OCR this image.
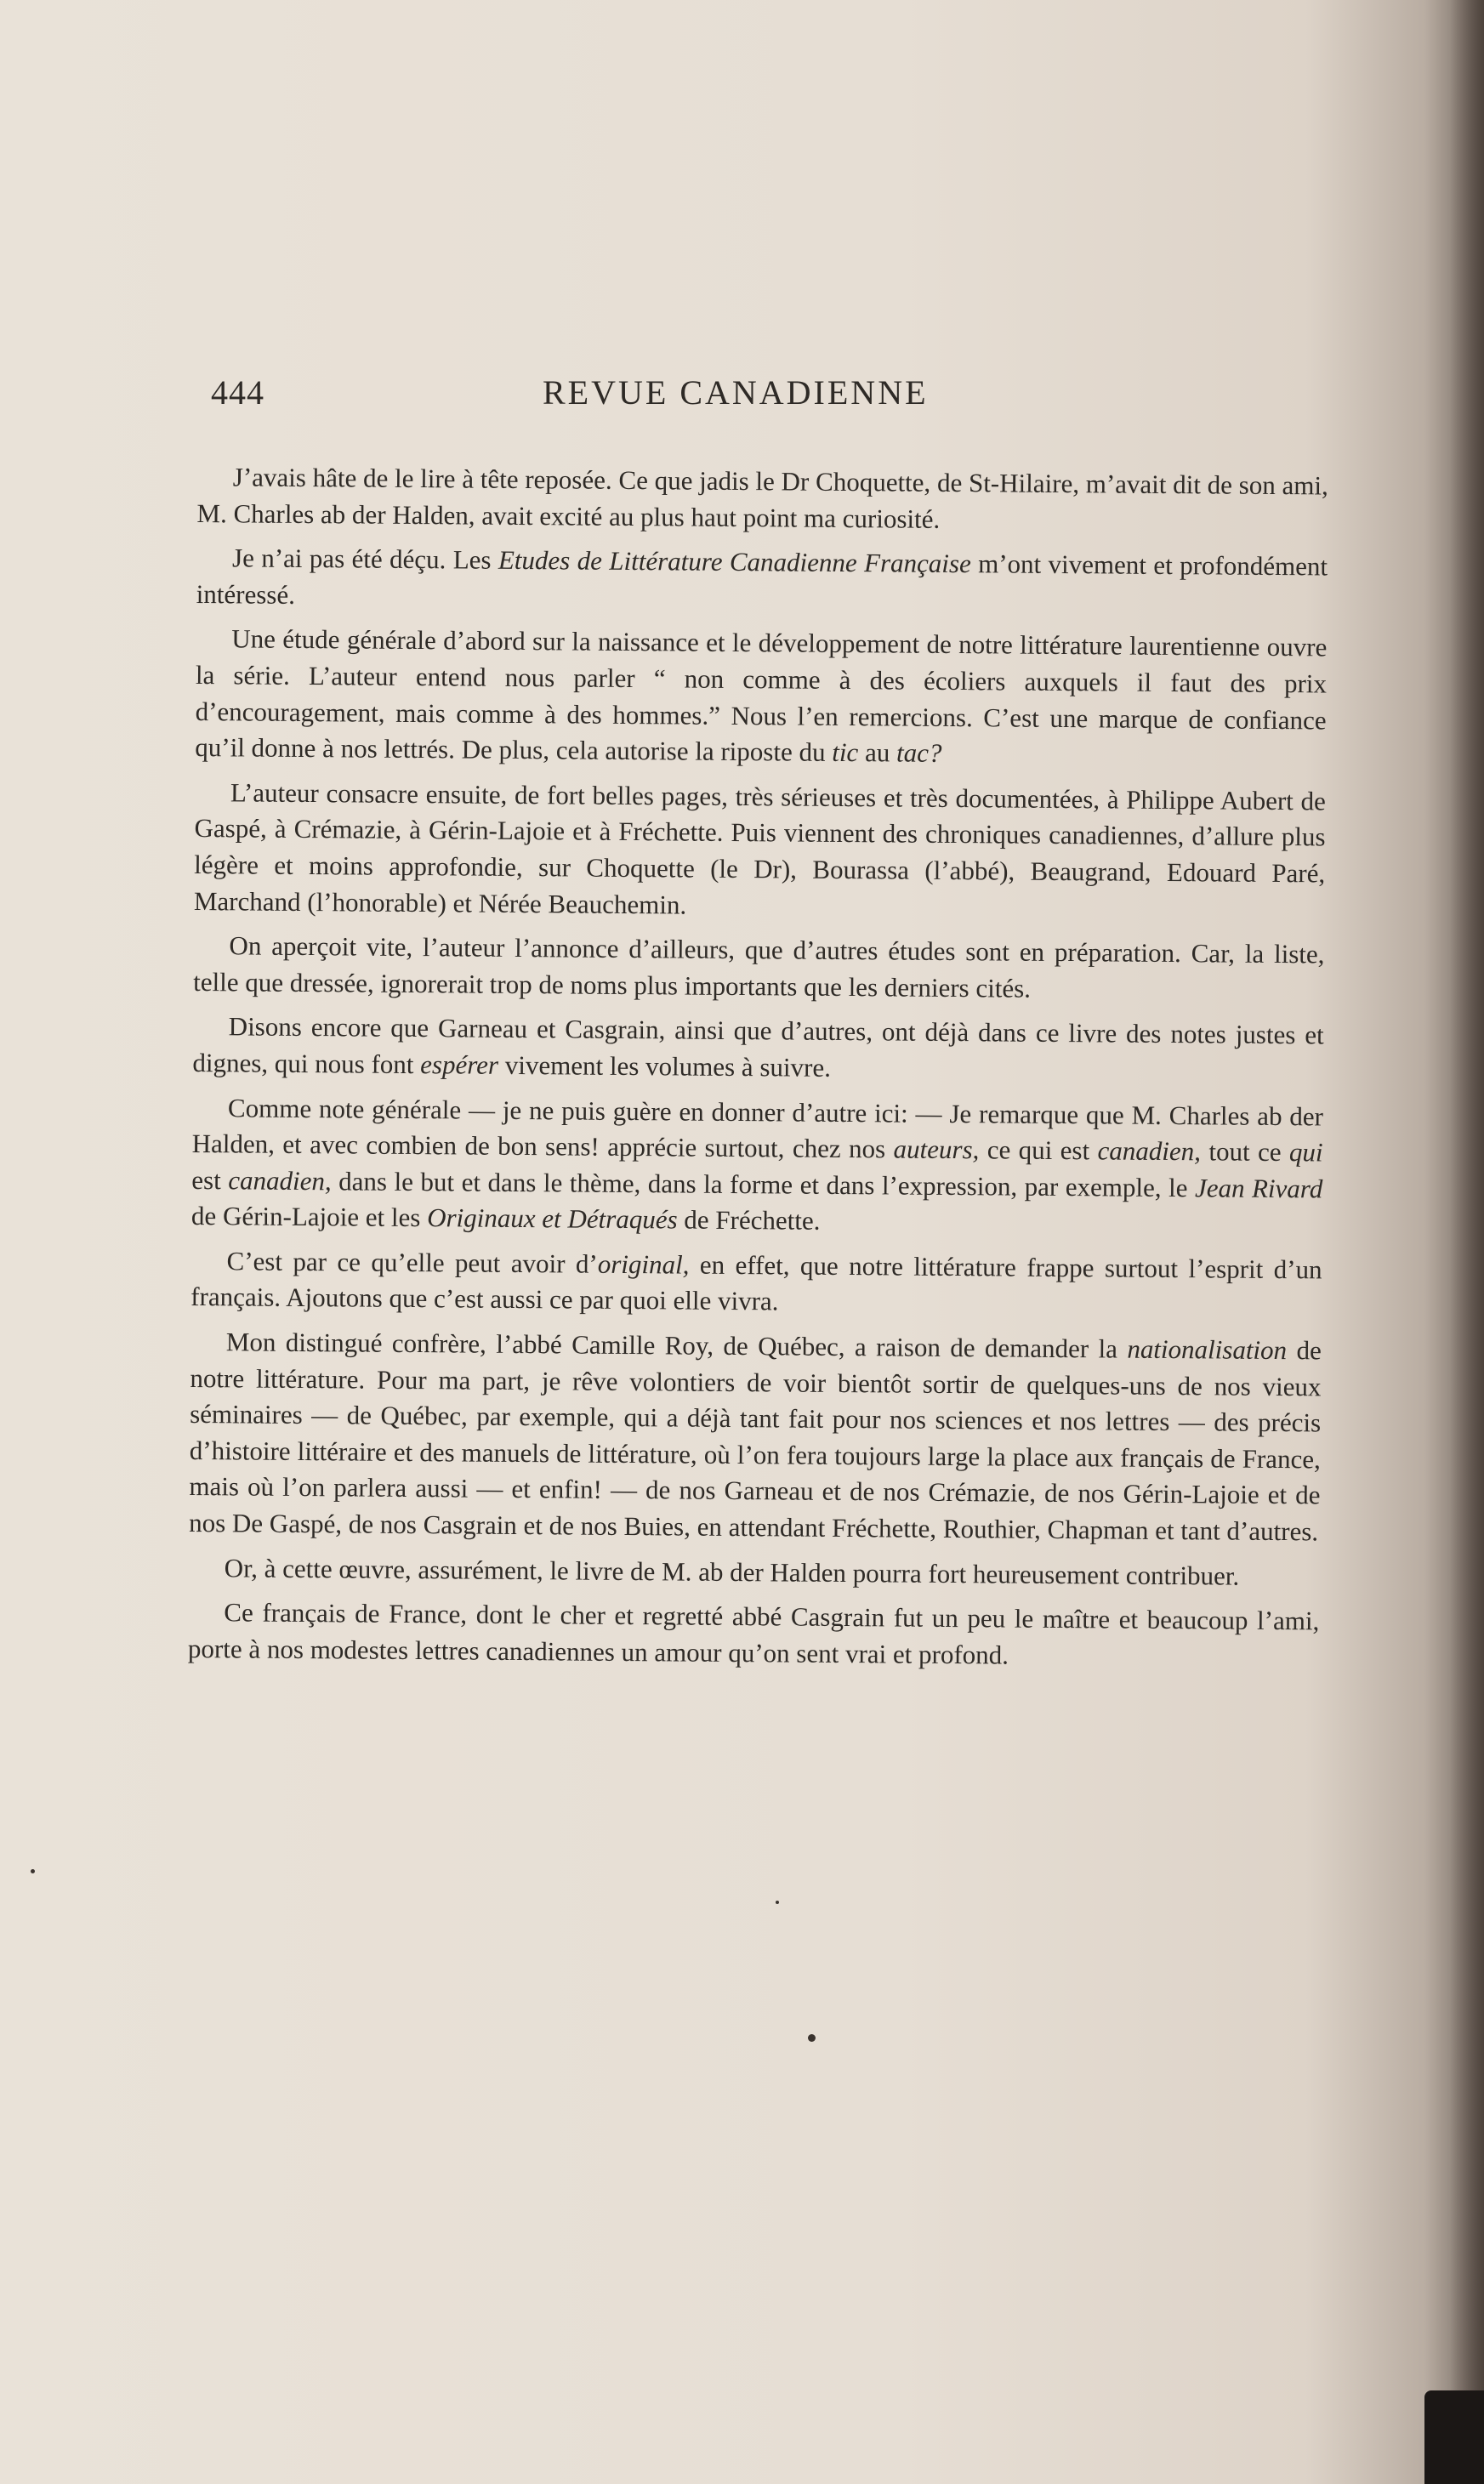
444	REVUE CANADIENNE

J’avais hâte de le lire à tête reposée. Ce que jadis le Dr Choquette, de St-Hilaire, m’avait dit de son ami, M. Charles ab der Halden, avait excité au plus haut point ma curiosité.

Je n’ai pas été déçu. Les Etudes de Littérature Canadienne Française m’ont vivement et profondément intéressé.

Une étude générale d’abord sur la naissance et le développement de notre littérature laurentienne ouvre la série. L’auteur entend nous parler “ non comme à des écoliers auxquels il faut des prix d’encouragement, mais comme à des hommes.” Nous l’en remercions. C’est une marque de confiance qu’il donne à nos lettrés. De plus, cela autorise la riposte du tic au tac?

L’auteur consacre ensuite, de fort belles pages, très sérieuses et très documentées, à Philippe Aubert de Gaspé, à Crémazie, à Gérin-Lajoie et à Fréchette. Puis viennent des chroniques canadiennes, d’allure plus légère et moins approfondie, sur Choquette (le Dr), Bourassa (l’abbé), Beaugrand, Edouard Paré, Marchand (l’honorable) et Nérée Beauchemin.

On aperçoit vite, l’auteur l’annonce d’ailleurs, que d’autres études sont en préparation. Car, la liste, telle que dressée, ignorerait trop de noms plus importants que les derniers cités.

Disons encore que Garneau et Casgrain, ainsi que d’autres, ont déjà dans ce livre des notes justes et dignes, qui nous font espérer vivement les volumes à suivre.

Comme note générale — je ne puis guère en donner d’autre ici: — Je remarque que M. Charles ab der Halden, et avec combien de bon sens! apprécie surtout, chez nos auteurs, ce qui est canadien, tout ce qui est canadien, dans le but et dans le thème, dans la forme et dans l’expression, par exemple, le Jean Rivard de Gérin-Lajoie et les Originaux et Détraqués de Fréchette.

C’est par ce qu’elle peut avoir d’original, en effet, que notre littérature frappe surtout l’esprit d’un français. Ajoutons que c’est aussi ce par quoi elle vivra.

Mon distingué confrère, l’abbé Camille Roy, de Québec, a raison de demander la nationalisation de notre littérature. Pour ma part, je rêve volontiers de voir bientôt sortir de quelques-uns de nos vieux séminaires — de Québec, par exemple, qui a déjà tant fait pour nos sciences et nos lettres — des précis d’histoire littéraire et des manuels de littérature, où l’on fera toujours large la place aux français de France, mais où l’on parlera aussi — et enfin! — de nos Garneau et de nos Crémazie, de nos Gérin-Lajoie et de nos De Gaspé, de nos Casgrain et de nos Buies, en attendant Fréchette, Routhier, Chapman et tant d’autres.

Or, à cette œuvre, assurément, le livre de M. ab der Halden pourra fort heureusement contribuer.

Ce français de France, dont le cher et regretté abbé Casgrain fut un peu le maître et beaucoup l’ami, porte à nos modestes lettres canadiennes un amour qu’on sent vrai et profond.
